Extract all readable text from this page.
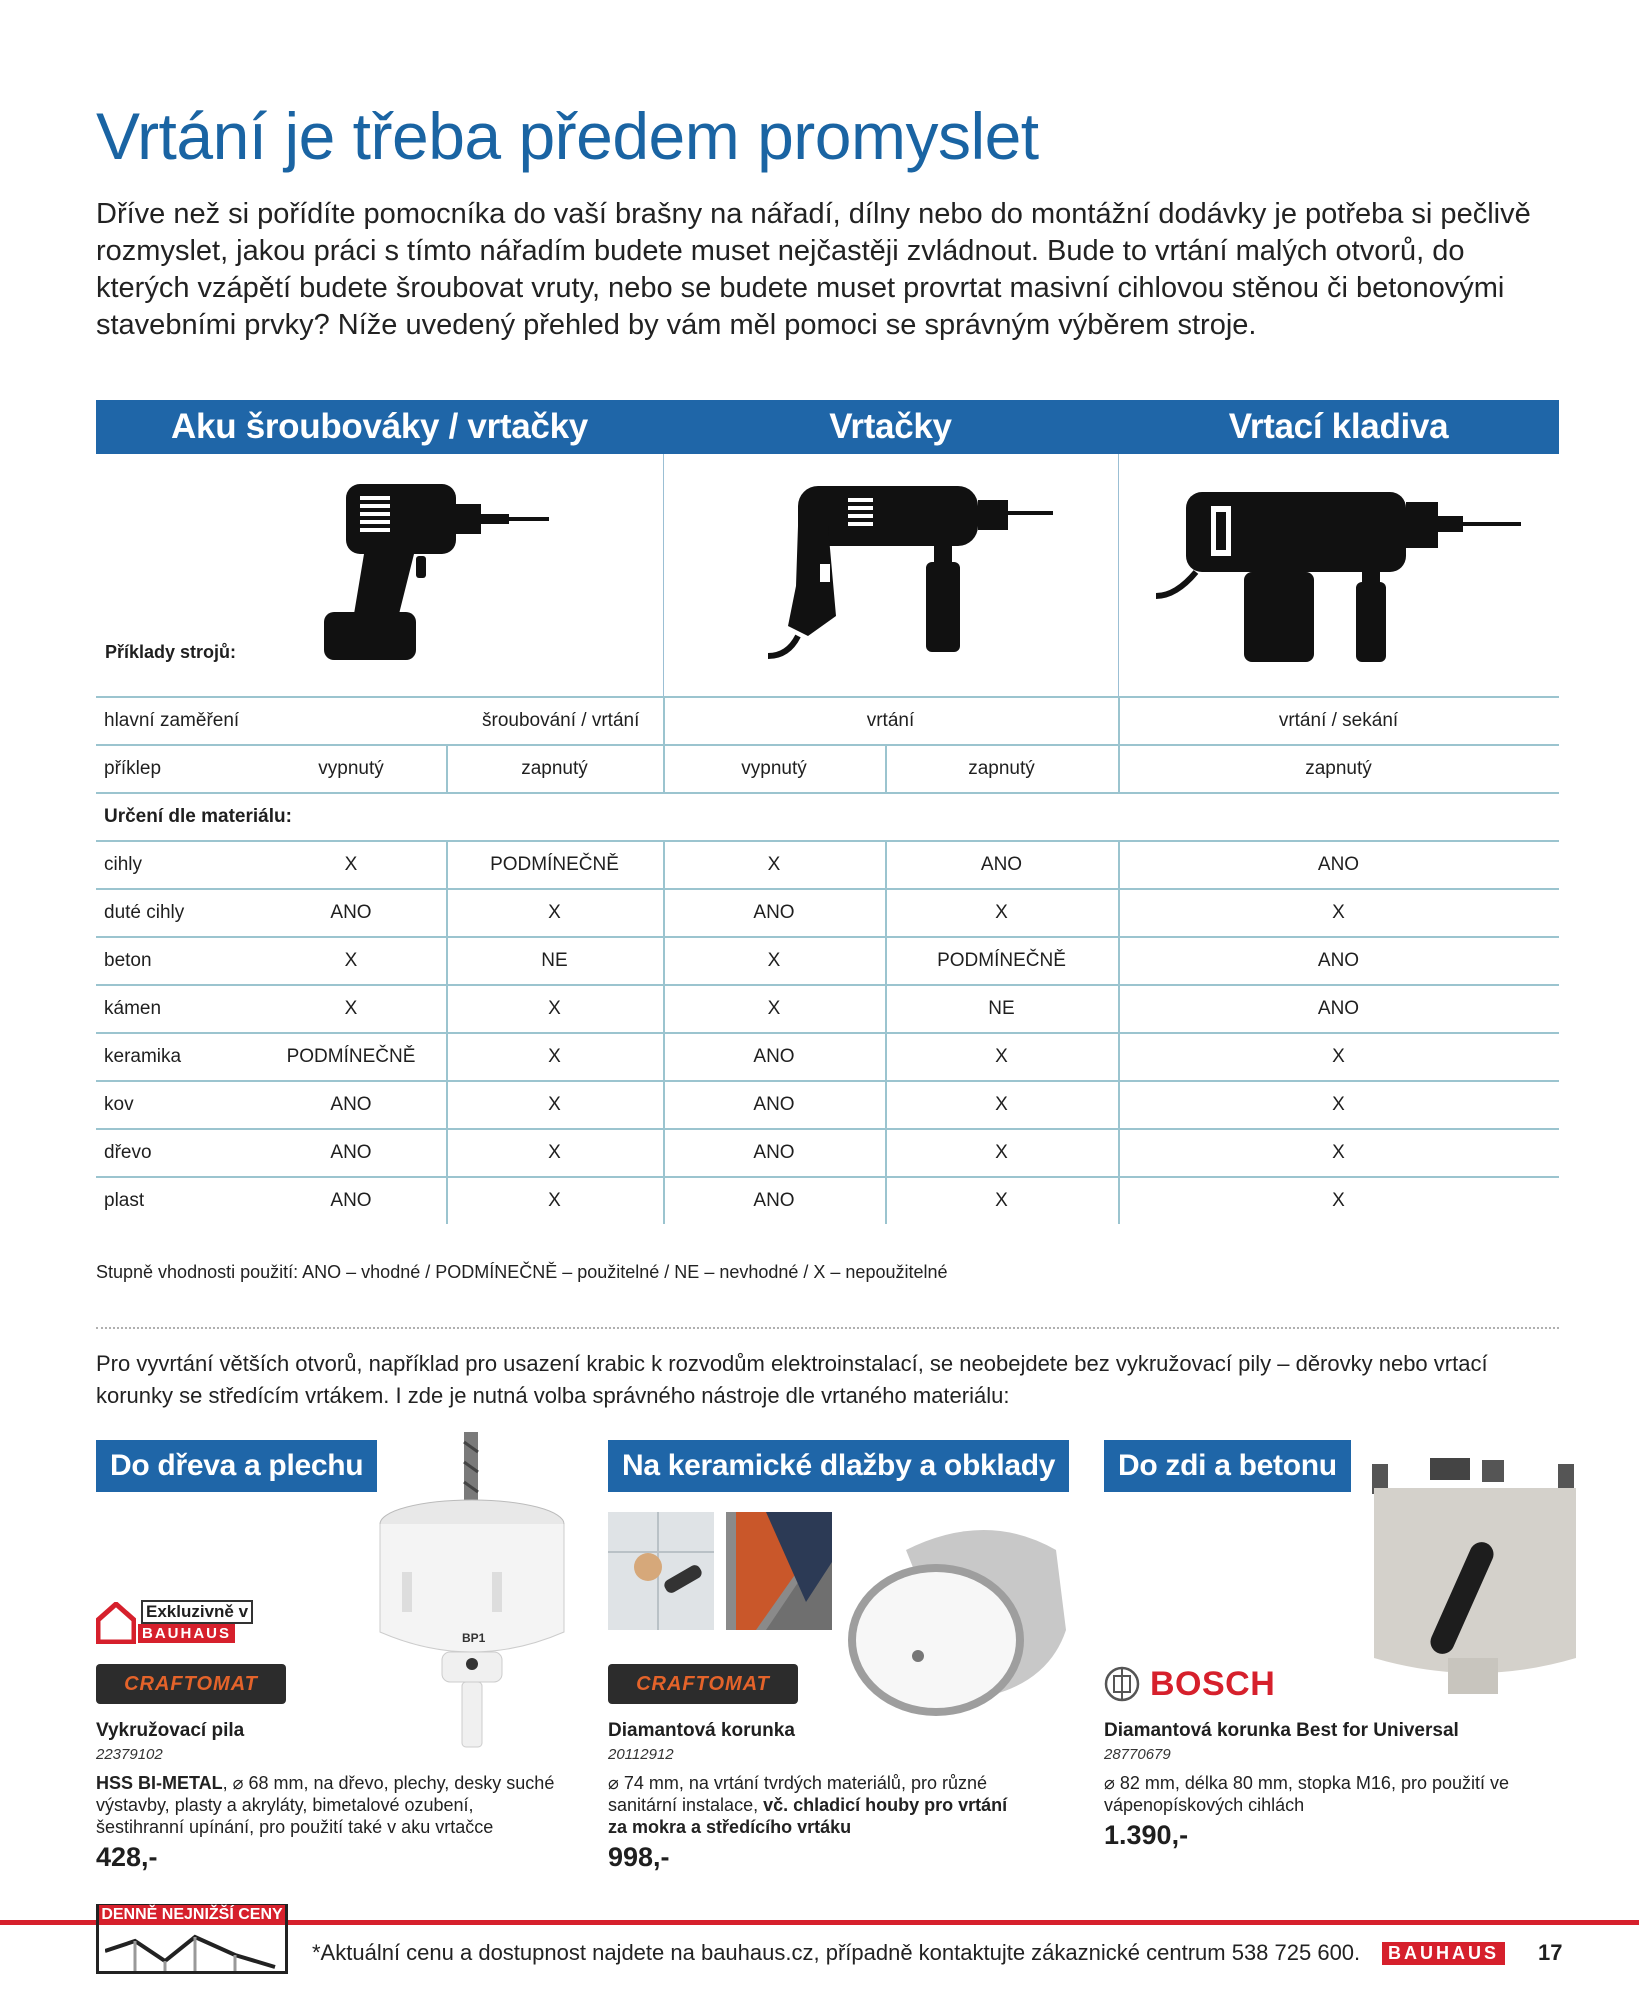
Vrtání je třeba předem promyslet

Dříve než si pořídíte pomocníka do vaší brašny na nářadí, dílny nebo do montážní dodávky je potřeba si pečlivě rozmyslet, jakou práci s tímto nářadím budete muset nejčastěji zvládnout. Bude to vrtání malých otvorů, do kterých vzápětí budete šroubovat vruty, nebo se budete muset provrtat masivní cihlovou stěnou či betonovými stavebními prvky? Níže uvedený přehled by vám měl pomoci se správným výběrem stroje.

Aku šroubováky / vrtačky	Vrtačky	Vrtací kladiva
Příklady strojů:
hlavní zaměření	šroubování / vrtání	vrtání	vrtání / sekání
příklep	vypnutý	zapnutý	vypnutý	zapnutý	zapnutý
Určení dle materiálu:
cihly	X	PODMÍNEČNĚ	X	ANO	ANO
duté cihly	ANO	X	ANO	X	X
beton	X	NE	X	PODMÍNEČNĚ	ANO
kámen	X	X	X	NE	ANO
keramika	PODMÍNEČNĚ	X	ANO	X	X
kov	ANO	X	ANO	X	X
dřevo	ANO	X	ANO	X	X
plast	ANO	X	ANO	X	X

Stupně vhodnosti použití: ANO – vhodné / PODMÍNEČNĚ – použitelné / NE – nevhodné / X – nepoužitelné

Pro vyvrtání větších otvorů, například pro usazení krabic k rozvodům elektroinstalací, se neobejdete bez vykružovací pily – děrovky nebo vrtací korunky se středícím vrtákem. I zde je nutná volba správného nástroje dle vrtaného materiálu:

Do dřeva a plechu	Na keramické dlažby a obklady	Do zdi a betonu
BP1
Exkluzivně v
BAUHAUS
CRAFTOMAT
Vykružovací pila
22379102
HSS BI-METAL, ⌀ 68 mm, na dřevo, plechy, desky suché výstavby, plasty a akryláty, bimetalové ozubení, šestihranní upínání, pro použití také v aku vrtačce
428,-
CRAFTOMAT
Diamantová korunka
20112912
⌀ 74 mm, na vrtání tvrdých materiálů, pro různé sanitární instalace, vč. chladicí houby pro vrtání za mokra a středícího vrtáku
998,-
BOSCH
Diamantová korunka Best for Universal
28770679
⌀ 82 mm, délka 80 mm, stopka M16, pro použití ve vápenopískových cihlách
1.390,-
DENNĚ NEJNIŽŠÍ CENY
*Aktuální cenu a dostupnost najdete na bauhaus.cz, případně kontaktujte zákaznické centrum 538 725 600.	BAUHAUS 17
